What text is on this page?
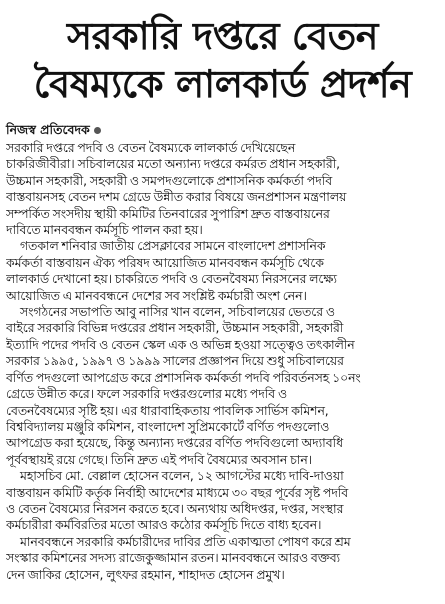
সরকারি দপ্তরে বেতন
বৈষম্যকে লালকার্ড প্রদর্শন
নিজস্ব প্রতিবেদক
সরকারি দপ্তরে পদবি ও বেতন বৈষম্যকে লালকার্ড দেখিয়েছেন
চাকরিজীবীরা। সচিবালয়ের মতো অন্যান্য দপ্তরে কর্মরত প্রধান সহকারী,
উচ্চমান সহকারী, সহকারী ও সমপদগুলোকে প্রশাসনিক কর্মকর্তা পদবি
বাস্তবায়নসহ বেতন দশম গ্রেডে উন্নীত করার বিষয়ে জনপ্রশাসন মন্ত্রণালয়
সম্পর্কিত সংসদীয় স্থায়ী কমিটির তিনবারের সুপারিশ দ্রুত বাস্তবায়নের
দাবিতে মানববন্ধন কর্মসূচি পালন করা হয়।
গতকাল শনিবার জাতীয় প্রেসক্লাবের সামনে বাংলাদেশ প্রশাসনিক
কর্মকর্তা বাস্তবায়ন ঐক্য পরিষদ আয়োজিত মানববন্ধন কর্মসূচি থেকে
লালকার্ড দেখানো হয়। চাকরিতে পদবি ও বেতনবৈষম্য নিরসনের লক্ষ্যে
আয়োজিত এ মানববন্ধনে দেশের সব সংশ্লিষ্ট কর্মচারী অংশ নেন।
সংগঠনের সভাপতি আবু নাসির খান বলেন, সচিবালয়ের ভেতরে ও
বাইরে সরকারি বিভিন্ন দপ্তরের প্রধান সহকারী, উচ্চমান সহকারী, সহকারী
ইত্যাদি পদের পদবি ও বেতন স্কেল এক ও অভিন্ন হওয়া সত্ত্বেও তৎকালীন
সরকার ১৯৯৫, ১৯৯৭ ও ১৯৯৯ সালের প্রজ্ঞাপন দিয়ে শুধু সচিবালয়ের
বর্ণিত পদগুলো আপগ্রেড করে প্রশাসনিক কর্মকর্তা পদবি পরিবর্তনসহ ১০নং
গ্রেডে উন্নীত করে। ফলে সরকারি দপ্তরগুলোর মধ্যে পদবি ও
বেতনবৈষম্যের সৃষ্টি হয়। এর ধারাবাহিকতায় পাবলিক সার্ভিস কমিশন,
বিশ্ববিদ্যালয় মঞ্জুরি কমিশন, বাংলাদেশ সুপ্রিমকোর্টে বর্ণিত পদগুলোও
আপগ্রেড করা হয়েছে, কিন্তু অন্যান্য দপ্তরের বর্ণিত পদবিগুলো অদ্যাবধি
পূর্ববস্থায়ই রয়ে গেছে। তিনি দ্রুত এই পদবি বৈষম্যের অবসান চান।
মহাসচিব মো. বেল্লাল হোসেন বলেন, ১২ আগস্টের মধ্যে দাবি-দাওয়া
বাস্তবায়ন কমিটি কর্তৃক নির্বাহী আদেশের মাধ্যমে ৩০ বছর পূর্বের সৃষ্ট পদবি
ও বেতন বৈষম্যের নিরসন করতে হবে। অন্যথায় অধিদপ্তর, দপ্তর, সংস্থার
কর্মচারীরা কর্মবিরতির মতো আরও কঠোর কর্মসূচি দিতে বাধ্য হবেন।
মানববন্ধনে সরকারি কর্মচারীদের দাবির প্রতি একাত্মতা পোষণ করে শ্রম
সংস্কার কমিশনের সদস্য রাজেকুজ্জামান রতন। মানববন্ধনে আরও বক্তব্য
দেন জাকির হোসেন, লুৎফর রহমান, শাহাদত হোসেন প্রমুখ।
